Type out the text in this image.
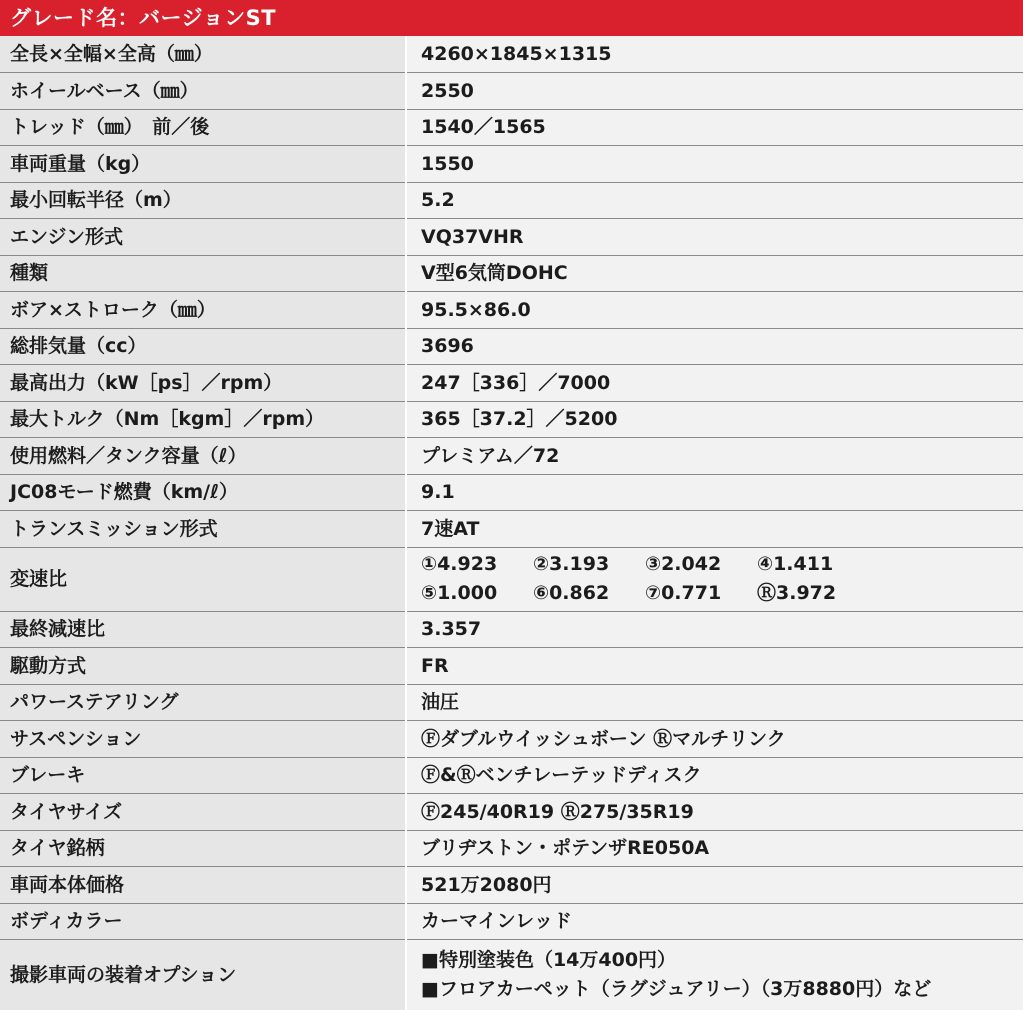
グレード名：バージョンST
全長×全幅×全高（㎜）	4260×1845×1315
ホイールベース（㎜）	2550
トレッド（㎜）　前／後	1540／1565
車両重量（kg）	1550
最小回転半径（m）	5.2
エンジン形式	VQ37VHR
種類	V型6気筒DOHC
ボア×ストローク（㎜）	95.5×86.0
総排気量（cc）	3696
最高出力（kW［ps］／rpm）	247［336］／7000
最大トルク（Nm［kgm］／rpm）	365［37.2］／5200
使用燃料／タンク容量（ℓ）	プレミアム／72
JC08モード燃費（km/ℓ）	9.1
トランスミッション形式	7速AT
変速比	①4.923 ②3.193 ③2.042 ④1.411
⑤1.000 ⑥0.862 ⑦0.771 Ⓡ3.972

最終減速比	3.357
駆動方式	FR
パワーステアリング	油圧
サスペンション	Ⓕダブルウイッシュボーン Ⓡマルチリンク
ブレーキ	Ⓕ&Ⓡベンチレーテッドディスク
タイヤサイズ	Ⓕ245/40R19 Ⓡ275/35R19
タイヤ銘柄	ブリヂストン・ポテンザRE050A
車両本体価格	521万2080円
ボディカラー	カーマインレッド
撮影車両の装着オプション	■特別塗装色（14万400円）
■フロアカーペット（ラグジュアリー）（3万8880円）など
